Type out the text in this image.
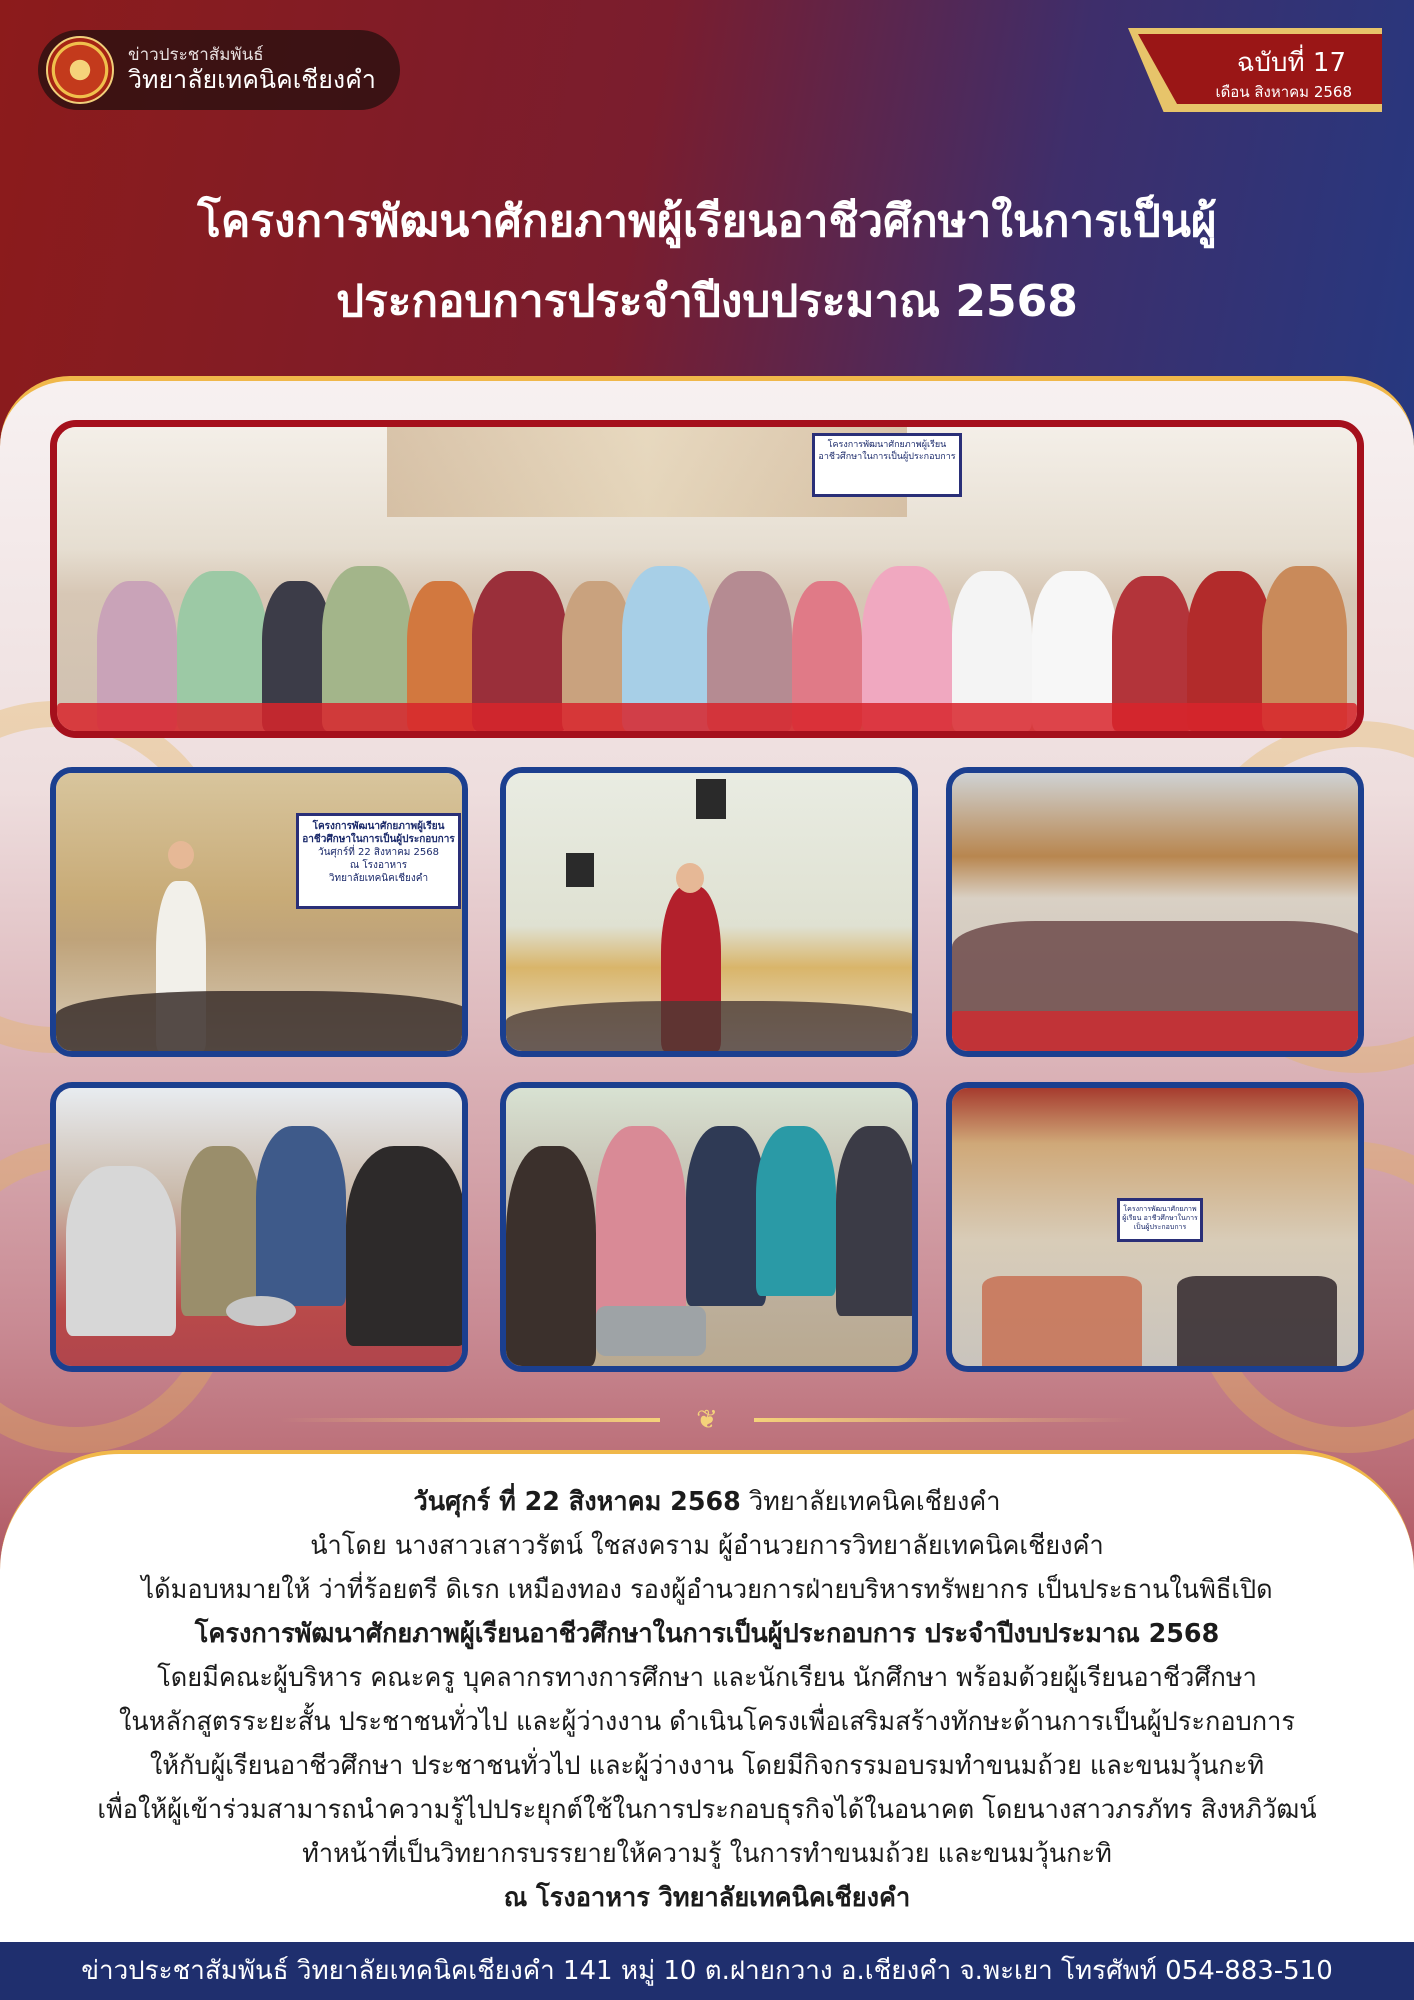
ข่าวประชาสัมพันธ์
วิทยาลัยเทคนิคเชียงคำ
ฉบับที่ 17
เดือน สิงหาคม 2568
โครงการพัฒนาศักยภาพผู้เรียนอาชีวศึกษาในการเป็นผู้
ประกอบการประจำปีงบประมาณ 2568
โครงการพัฒนาศักยภาพผู้เรียน อาชีวศึกษาในการเป็นผู้ประกอบการ
โครงการพัฒนาศักยภาพผู้เรียน
อาชีวศึกษาในการเป็นผู้ประกอบการ
วันศุกร์ที่ 22 สิงหาคม 2568
ณ โรงอาหาร
วิทยาลัยเทคนิคเชียงคำ
โครงการพัฒนาศักยภาพผู้เรียน อาชีวศึกษาในการเป็นผู้ประกอบการ
❦
วันศุกร์ ที่ 22 สิงหาคม 2568 วิทยาลัยเทคนิคเชียงคำ
นำโดย นางสาวเสาวรัตน์ ใชสงคราม ผู้อำนวยการวิทยาลัยเทคนิคเชียงคำ
ได้มอบหมายให้ ว่าที่ร้อยตรี ดิเรก เหมืองทอง รองผู้อำนวยการฝ่ายบริหารทรัพยากร เป็นประธานในพิธีเปิด
โครงการพัฒนาศักยภาพผู้เรียนอาชีวศึกษาในการเป็นผู้ประกอบการ ประจำปีงบประมาณ 2568
โดยมีคณะผู้บริหาร คณะครู บุคลากรทางการศึกษา และนักเรียน นักศึกษา พร้อมด้วยผู้เรียนอาชีวศึกษา
ในหลักสูตรระยะสั้น ประชาชนทั่วไป และผู้ว่างงาน ดำเนินโครงเพื่อเสริมสร้างทักษะด้านการเป็นผู้ประกอบการ
ให้กับผู้เรียนอาชีวศึกษา ประชาชนทั่วไป และผู้ว่างงาน โดยมีกิจกรรมอบรมทำขนมถ้วย และขนมวุ้นกะทิ
เพื่อให้ผู้เข้าร่วมสามารถนำความรู้ไปประยุกต์ใช้ในการประกอบธุรกิจได้ในอนาคต โดยนางสาวภรภัทร สิงหภิวัฒน์
ทำหน้าที่เป็นวิทยากรบรรยายให้ความรู้ ในการทำขนมถ้วย และขนมวุ้นกะทิ
ณ โรงอาหาร วิทยาลัยเทคนิคเชียงคำ
ข่าวประชาสัมพันธ์ วิทยาลัยเทคนิคเชียงคำ 141 หมู่ 10 ต.ฝายกวาง อ.เชียงคำ จ.พะเยา โทรศัพท์ 054-883-510
